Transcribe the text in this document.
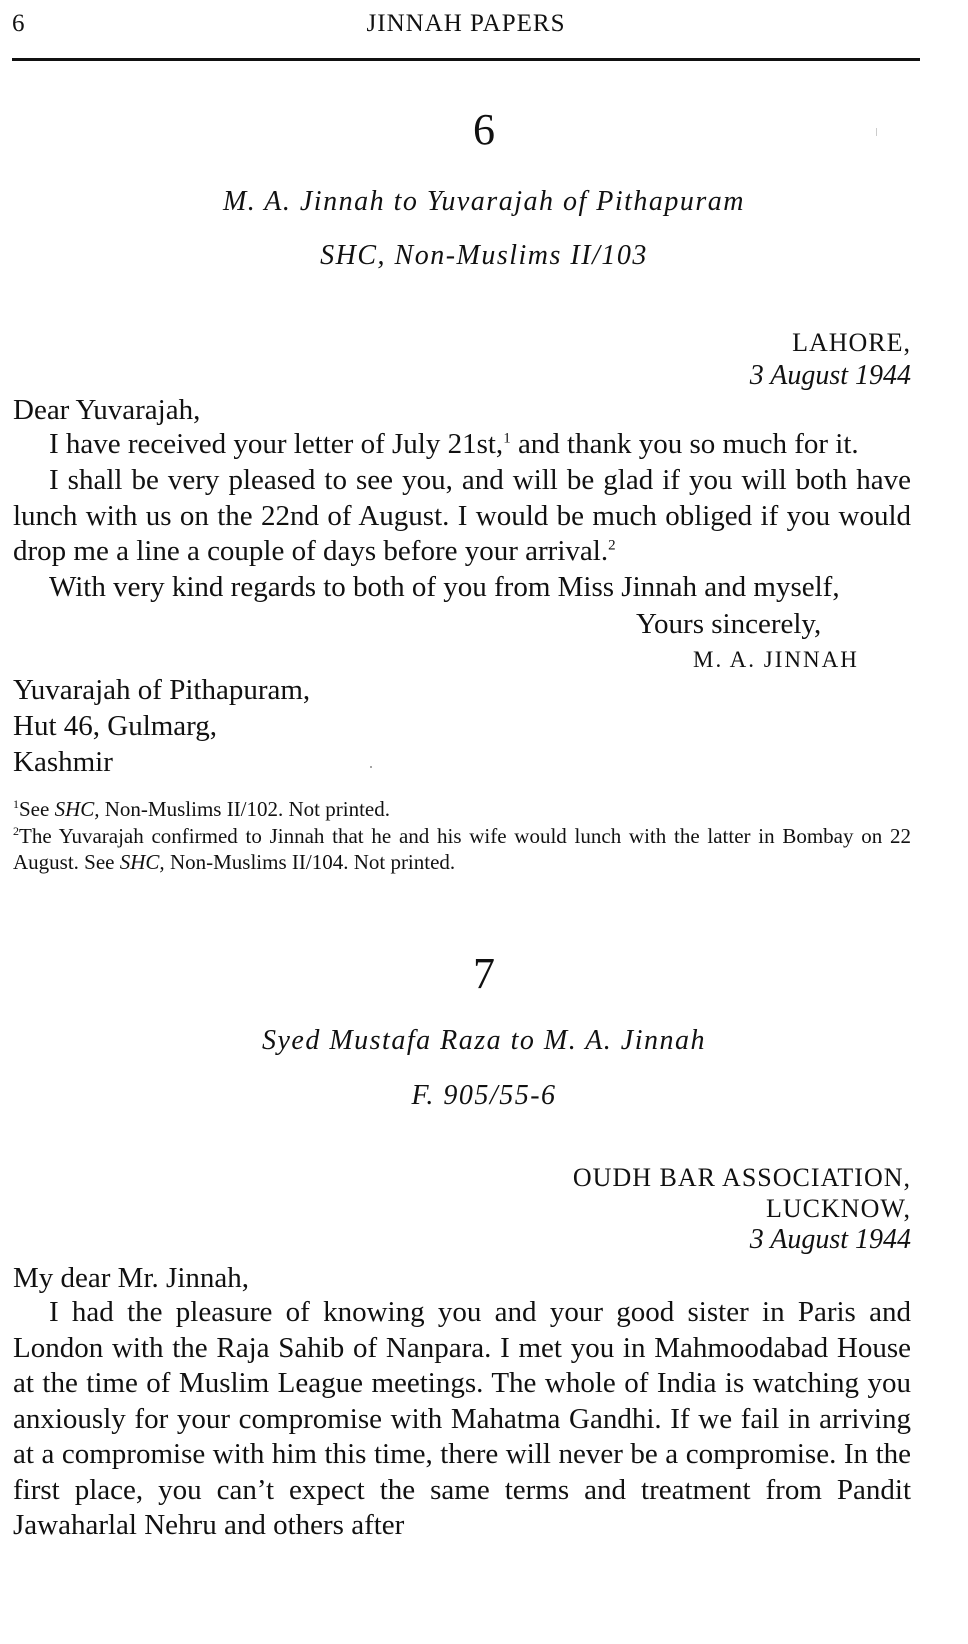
6	JINNAH PAPERS
6
M. A. Jinnah to Yuvarajah of Pithapuram
SHC, Non-Muslims II/103
LAHORE,
3 August 1944
Dear Yuvarajah,
I have received your letter of July 21st,$^1$ and thank you so much for it.
I shall be very pleased to see you, and will be glad if you will both have lunch with us on the 22nd of August. I would be much obliged if you would drop me a line a couple of days before your arrival.$^2$
With very kind regards to both of you from Miss Jinnah and myself,
Yours sincerely,
M. A. JINNAH
Yuvarajah of Pithapuram,
Hut 46, Gulmarg,
Kashmir
$^1$See SHC, Non-Muslims II/102. Not printed.
$^2$The Yuvarajah confirmed to Jinnah that he and his wife would lunch with the latter in Bombay on 22 August. See SHC, Non-Muslims II/104. Not printed.
7
Syed Mustafa Raza to M. A. Jinnah
F. 905/55-6
OUDH BAR ASSOCIATION,
LUCKNOW,
3 August 1944
My dear Mr. Jinnah,
I had the pleasure of knowing you and your good sister in Paris and London with the Raja Sahib of Nanpara. I met you in Mahmoodabad House at the time of Muslim League meetings. The whole of India is watching you anxiously for your compromise with Mahatma Gandhi. If we fail in arriving at a compromise with him this time, there will never be a compromise. In the first place, you can’t expect the same terms and treatment from Pandit Jawaharlal Nehru and others after
